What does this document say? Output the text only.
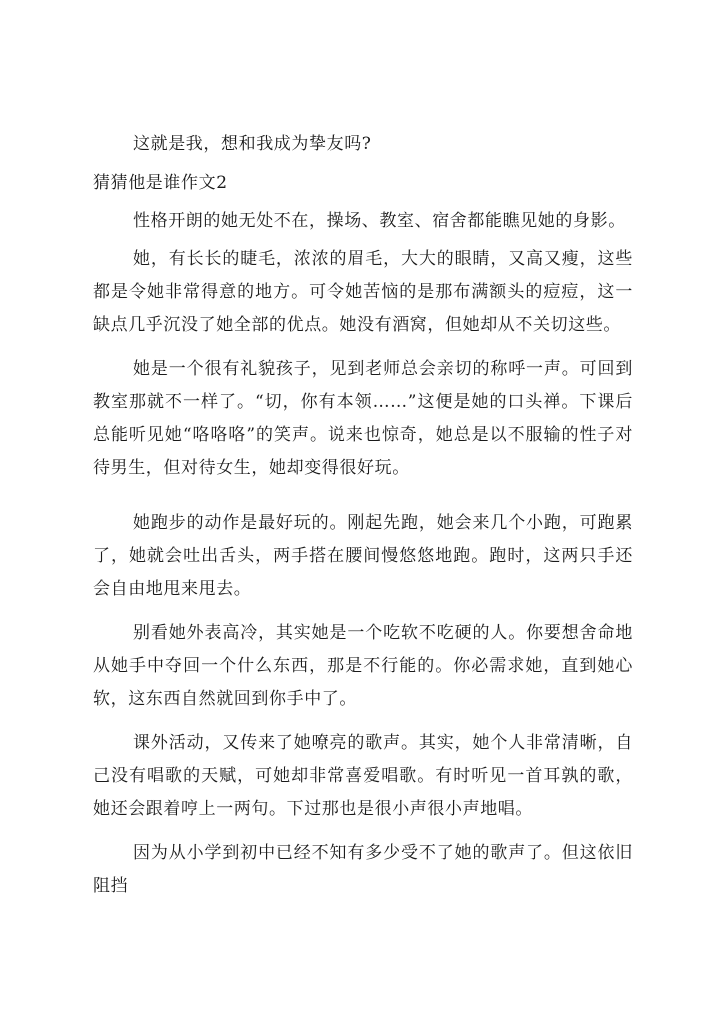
这就是我，想和我成为挚友吗?

猜猜他是谁作文2

性格开朗的她无处不在，操场、教室、宿舍都能瞧见她的身影。

她，有长长的睫毛，浓浓的眉毛，大大的眼睛，又高又瘦，这些都是令她非常得意的地方。可令她苦恼的是那布满额头的痘痘，这一缺点几乎沉没了她全部的优点。她没有酒窝，但她却从不关切这些。

她是一个很有礼貌孩子，见到老师总会亲切的称呼一声。可回到教室那就不一样了。“切，你有本领……”这便是她的口头禅。下课后总能听见她“咯咯咯”的笑声。说来也惊奇，她总是以不服输的性子对待男生，但对待女生，她却变得很好玩。

她跑步的动作是最好玩的。刚起先跑，她会来几个小跑，可跑累了，她就会吐出舌头，两手搭在腰间慢悠悠地跑。跑时，这两只手还会自由地甩来甩去。

别看她外表高冷，其实她是一个吃软不吃硬的人。你要想舍命地从她手中夺回一个什么东西，那是不行能的。你必需求她，直到她心软，这东西自然就回到你手中了。

课外活动，又传来了她嘹亮的歌声。其实，她个人非常清晰，自己没有唱歌的天赋，可她却非常喜爱唱歌。有时听见一首耳孰的歌，她还会跟着哼上一两句。下过那也是很小声很小声地唱。

因为从小学到初中已经不知有多少受不了她的歌声了。但这依旧阻挡
